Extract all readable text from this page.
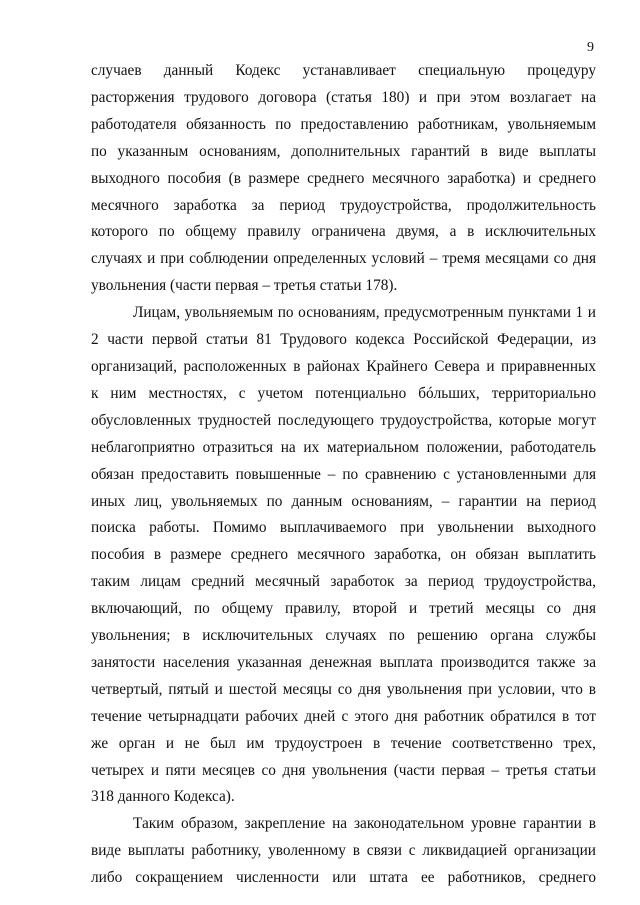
9

случаев данный Кодекс устанавливает специальную процедуру
расторжения трудового договора (статья 180) и при этом возлагает на
работодателя обязанность по предоставлению работникам, увольняемым
по указанным основаниям, дополнительных гарантий в виде выплаты
выходного пособия (в размере среднего месячного заработка) и среднего
месячного заработка за период трудоустройства, продолжительность
которого по общему правилу ограничена двумя, а в исключительных
случаях и при соблюдении определенных условий – тремя месяцами со дня
увольнения (части первая – третья статьи 178).

Лицам, увольняемым по основаниям, предусмотренным пунктами 1 и
2 части первой статьи 81 Трудового кодекса Российской Федерации, из
организаций, расположенных в районах Крайнего Севера и приравненных
к ним местностях, с учетом потенциально бóльших, территориально
обусловленных трудностей последующего трудоустройства, которые могут
неблагоприятно отразиться на их материальном положении, работодатель
обязан предоставить повышенные – по сравнению с установленными для
иных лиц, увольняемых по данным основаниям, – гарантии на период
поиска работы. Помимо выплачиваемого при увольнении выходного
пособия в размере среднего месячного заработка, он обязан выплатить
таким лицам средний месячный заработок за период трудоустройства,
включающий, по общему правилу, второй и третий месяцы со дня
увольнения; в исключительных случаях по решению органа службы
занятости населения указанная денежная выплата производится также за
четвертый, пятый и шестой месяцы со дня увольнения при условии, что в
течение четырнадцати рабочих дней с этого дня работник обратился в тот
же орган и не был им трудоустроен в течение соответственно трех,
четырех и пяти месяцев со дня увольнения (части первая – третья статьи
318 данного Кодекса).

Таким образом, закрепление на законодательном уровне гарантии в
виде выплаты работнику, уволенному в связи с ликвидацией организации
либо сокращением численности или штата ее работников, среднего
